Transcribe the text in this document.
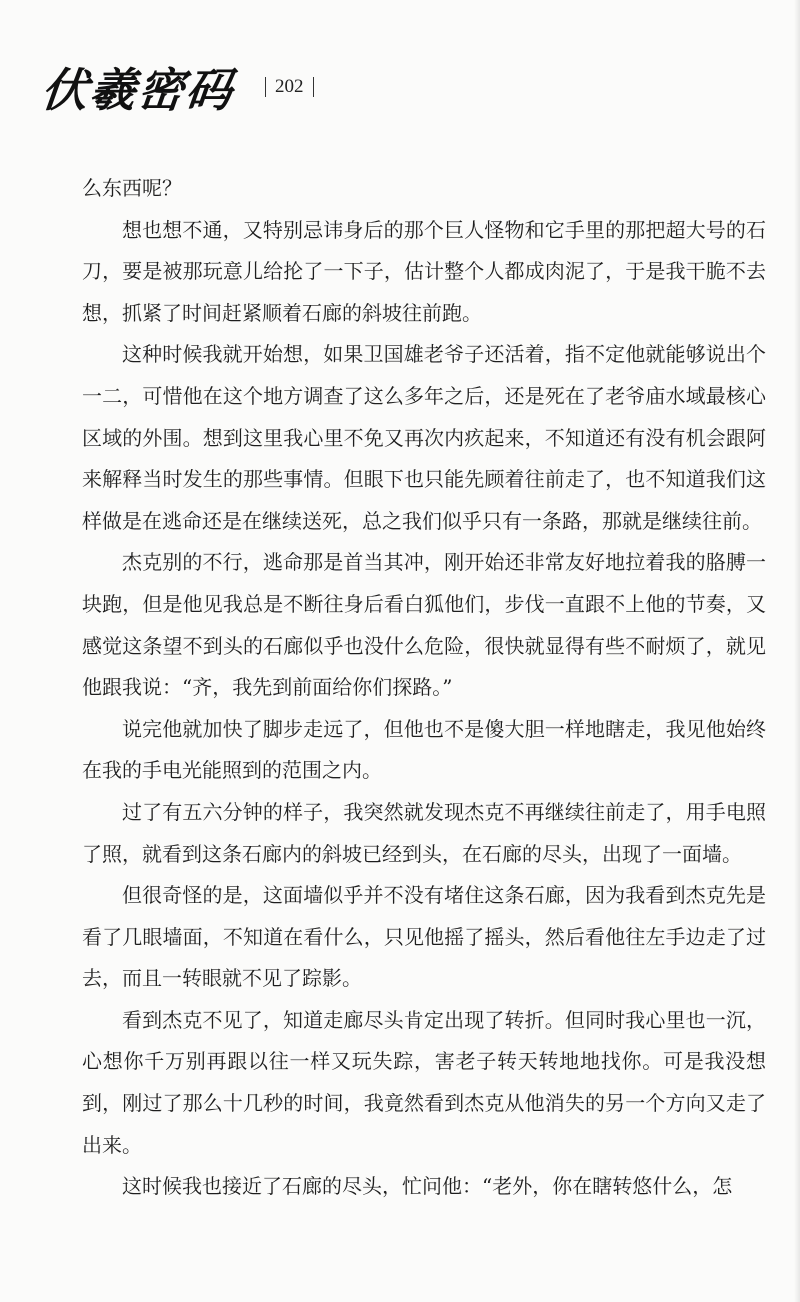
伏羲密码 202

么东西呢？

想也想不通，又特别忌讳身后的那个巨人怪物和它手里的那把超大号的石刀，要是被那玩意儿给抡了一下子，估计整个人都成肉泥了，于是我干脆不去想，抓紧了时间赶紧顺着石廊的斜坡往前跑。

这种时候我就开始想，如果卫国雄老爷子还活着，指不定他就能够说出个一二，可惜他在这个地方调查了这么多年之后，还是死在了老爷庙水域最核心区域的外围。想到这里我心里不免又再次内疚起来，不知道还有没有机会跟阿来解释当时发生的那些事情。但眼下也只能先顾着往前走了，也不知道我们这样做是在逃命还是在继续送死，总之我们似乎只有一条路，那就是继续往前。

杰克别的不行，逃命那是首当其冲，刚开始还非常友好地拉着我的胳膊一块跑，但是他见我总是不断往身后看白狐他们，步伐一直跟不上他的节奏，又感觉这条望不到头的石廊似乎也没什么危险，很快就显得有些不耐烦了，就见他跟我说：“齐，我先到前面给你们探路。”

说完他就加快了脚步走远了，但他也不是傻大胆一样地瞎走，我见他始终在我的手电光能照到的范围之内。

过了有五六分钟的样子，我突然就发现杰克不再继续往前走了，用手电照了照，就看到这条石廊内的斜坡已经到头，在石廊的尽头，出现了一面墙。

但很奇怪的是，这面墙似乎并不没有堵住这条石廊，因为我看到杰克先是看了几眼墙面，不知道在看什么，只见他摇了摇头，然后看他往左手边走了过去，而且一转眼就不见了踪影。

看到杰克不见了，知道走廊尽头肯定出现了转折。但同时我心里也一沉，心想你千万别再跟以往一样又玩失踪，害老子转天转地地找你。可是我没想到，刚过了那么十几秒的时间，我竟然看到杰克从他消失的另一个方向又走了出来。

这时候我也接近了石廊的尽头，忙问他：“老外，你在瞎转悠什么，怎
